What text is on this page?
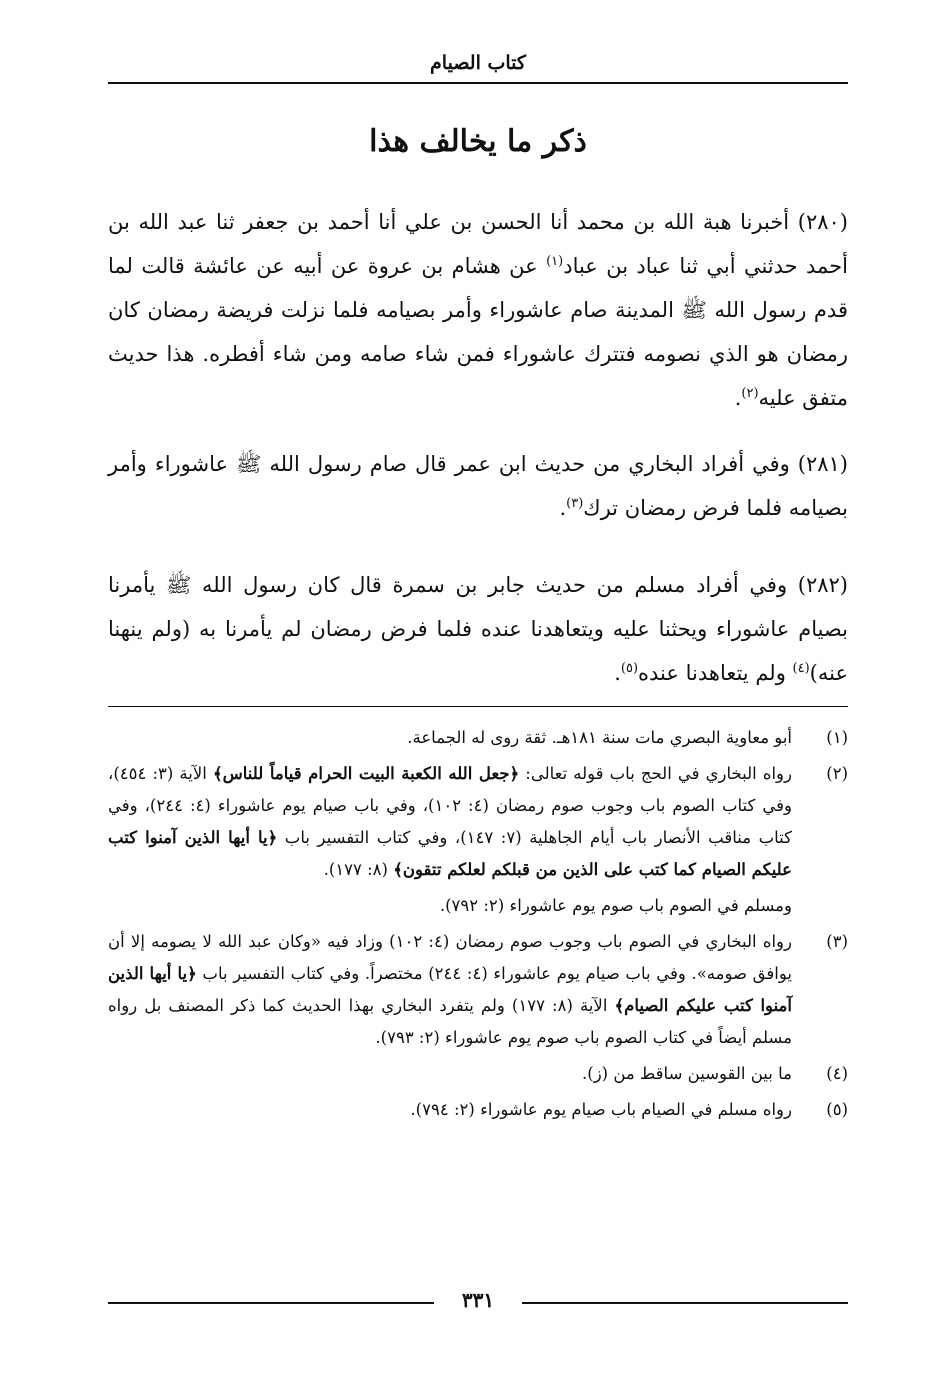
كتاب الصيام
ذكر ما يخالف هذا

(٢٨٠) أخبرنا هبة الله بن محمد أنا الحسن بن علي أنا أحمد بن جعفر ثنا عبد الله بن أحمد حدثني أبي ثنا عباد بن عباد$^{(١)}$ عن هشام بن عروة عن أبيه عن عائشة قالت لما قدم رسول الله ﷺ المدينة صام عاشوراء وأمر بصيامه فلما نزلت فريضة رمضان كان رمضان هو الذي نصومه فتترك عاشوراء فمن شاء صامه ومن شاء أفطره. هذا حديث متفق عليه$^{(٢)}$.

(٢٨١) وفي أفراد البخاري من حديث ابن عمر قال صام رسول الله ﷺ عاشوراء وأمر بصيامه فلما فرض رمضان ترك$^{(٣)}$.

(٢٨٢) وفي أفراد مسلم من حديث جابر بن سمرة قال كان رسول الله ﷺ يأمرنا بصيام عاشوراء ويحثنا عليه ويتعاهدنا عنده فلما فرض رمضان لم يأمرنا به (ولم ينهنا عنه)$^{(٤)}$ ولم يتعاهدنا عنده$^{(٥)}$.

(١)
أبو معاوية البصري مات سنة ١٨١هـ. ثقة روى له الجماعة.
(٢)
رواه البخاري في الحج باب قوله تعالى: ﴿جعل الله الكعبة البيت الحرام قياماً للناس﴾ الآية (٣: ٤٥٤)، وفي كتاب الصوم باب وجوب صوم رمضان (٤: ١٠٢)، وفي باب صيام يوم عاشوراء (٤: ٢٤٤)، وفي كتاب مناقب الأنصار باب أيام الجاهلية (٧: ١٤٧)، وفي كتاب التفسير باب ﴿يا أيها الذين آمنوا كتب عليكم الصيام كما كتب على الذين من قبلكم لعلكم تتقون﴾ (٨: ١٧٧).
ومسلم في الصوم باب صوم يوم عاشوراء (٢: ٧٩٢).
(٣)
رواه البخاري في الصوم باب وجوب صوم رمضان (٤: ١٠٢) وزاد فيه «وكان عبد الله لا يصومه إلا أن يوافق صومه». وفي باب صيام يوم عاشوراء (٤: ٢٤٤) مختصراً. وفي كتاب التفسير باب ﴿يا أيها الذين آمنوا كتب عليكم الصيام﴾ الآية (٨: ١٧٧) ولم يتفرد البخاري بهذا الحديث كما ذكر المصنف بل رواه مسلم أيضاً في كتاب الصوم باب صوم يوم عاشوراء (٢: ٧٩٣).
(٤)
ما بين القوسين ساقط من (ز).
(٥)
رواه مسلم في الصيام باب صيام يوم عاشوراء (٢: ٧٩٤).
٣٣١
